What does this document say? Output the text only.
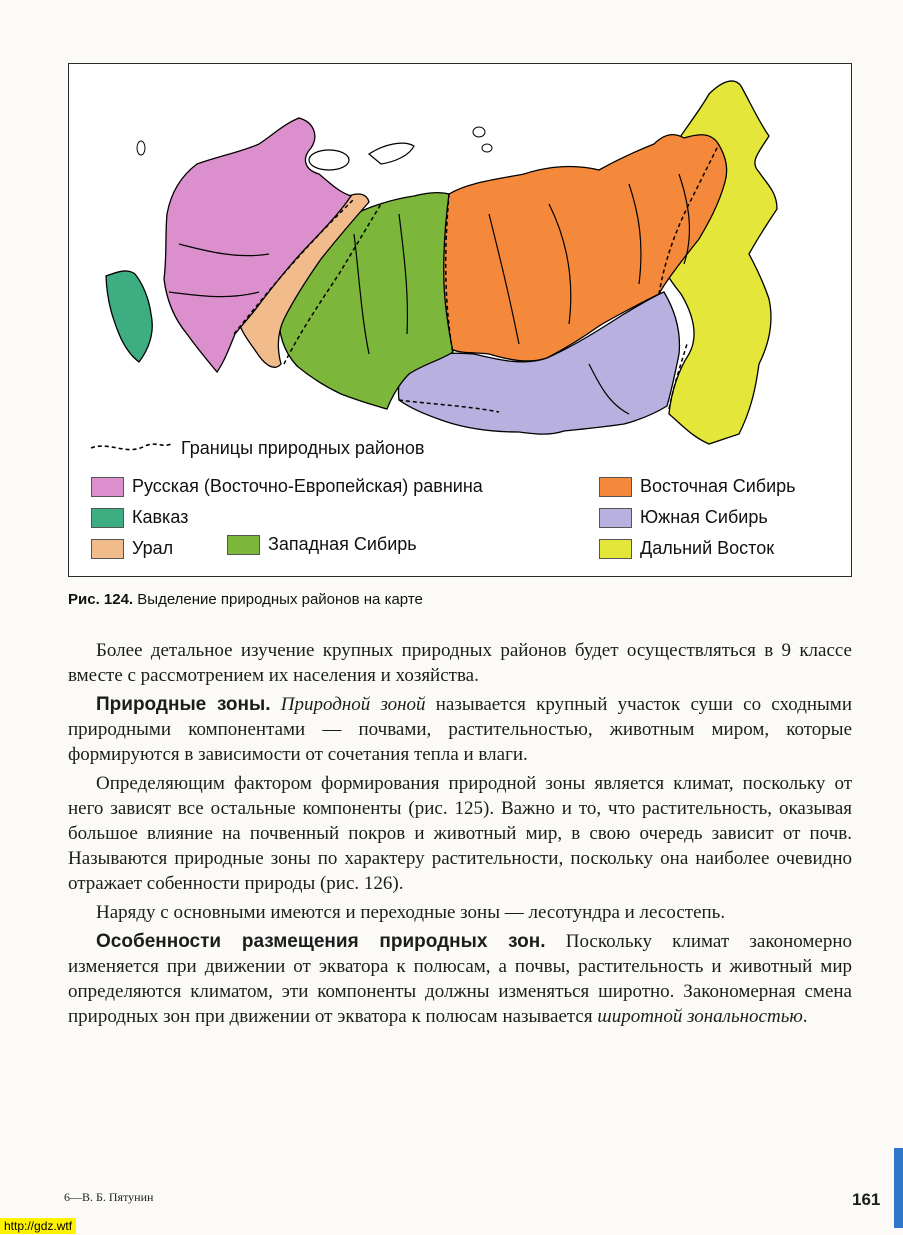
Границы природных районов
Русская (Восточно-Европейская) равнина
Кавказ
Урал	Западная Сибирь
Восточная Сибирь
Южная Сибирь
Дальний Восток
Рис. 124. Выделение природных районов на карте

Более детальное изучение крупных природных районов будет осуществляться в 9 классе вместе с рассмотрением их населения и хозяйства.

Природные зоны. Природной зоной называется крупный участок суши со сходными природными компонентами — почвами, растительностью, животным миром, которые формируются в зависимости от сочетания тепла и влаги.

Определяющим фактором формирования природной зоны является климат, поскольку от него зависят все остальные компоненты (рис. 125). Важно и то, что растительность, оказывая большое влияние на почвенный покров и животный мир, в свою очередь зависит от почв. Называются природные зоны по характеру растительности, поскольку она наиболее очевидно отражает собенности природы (рис. 126).

Наряду с основными имеются и переходные зоны — лесотундра и лесостепь.

Особенности размещения природных зон. Поскольку климат закономерно изменяется при движении от экватора к полюсам, а почвы, растительность и животный мир определяются климатом, эти компоненты должны изменяться широтно. Закономерная смена природных зон при движении от экватора к полюсам называется широтной зональностью.

6—В. Б. Пятунин	161
http://gdz.wtf
